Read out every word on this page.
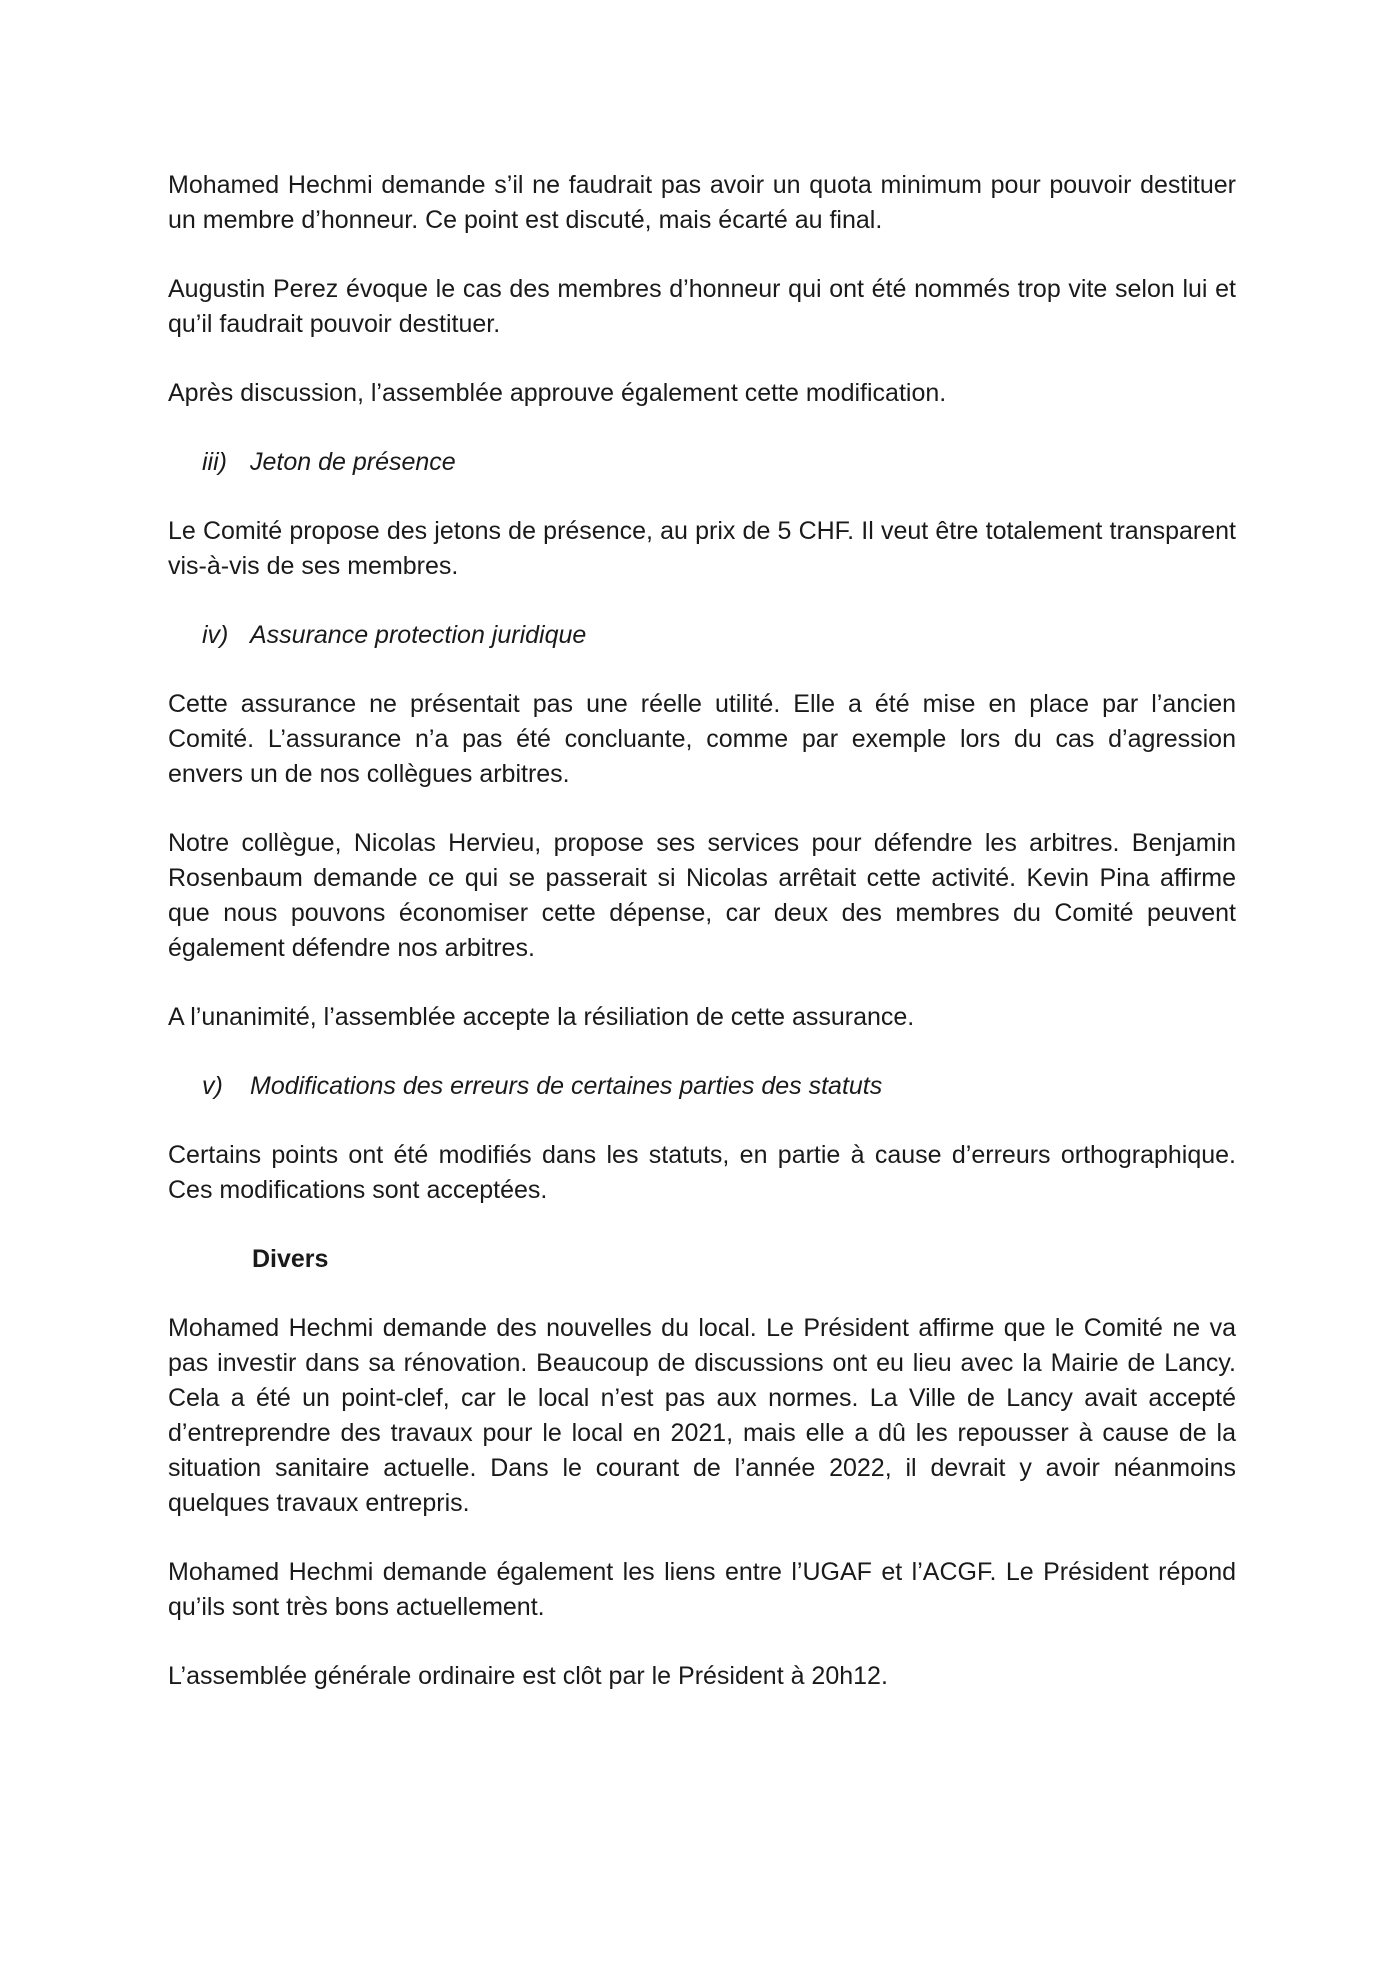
Mohamed Hechmi demande s’il ne faudrait pas avoir un quota minimum pour pouvoir destituer un membre d’honneur. Ce point est discuté, mais écarté au final.

Augustin Perez évoque le cas des membres d’honneur qui ont été nommés trop vite selon lui et qu’il faudrait pouvoir destituer.

Après discussion, l’assemblée approuve également cette modification.

iii) Jeton de présence

Le Comité propose des jetons de présence, au prix de 5 CHF. Il veut être totalement transparent vis-à-vis de ses membres.

iv) Assurance protection juridique

Cette assurance ne présentait pas une réelle utilité. Elle a été mise en place par l’ancien Comité. L’assurance n’a pas été concluante, comme par exemple lors du cas d’agression envers un de nos collègues arbitres.

Notre collègue, Nicolas Hervieu, propose ses services pour défendre les arbitres. Benjamin Rosenbaum demande ce qui se passerait si Nicolas arrêtait cette activité. Kevin Pina affirme que nous pouvons économiser cette dépense, car deux des membres du Comité peuvent également défendre nos arbitres.

A l’unanimité, l’assemblée accepte la résiliation de cette assurance.

v)	Modifications des erreurs de certaines parties des statuts

Certains points ont été modifiés dans les statuts, en partie à cause d’erreurs orthographique. Ces modifications sont acceptées.

Divers

Mohamed Hechmi demande des nouvelles du local. Le Président affirme que le Comité ne va pas investir dans sa rénovation. Beaucoup de discussions ont eu lieu avec la Mairie de Lancy. Cela a été un point-clef, car le local n’est pas aux normes. La Ville de Lancy avait accepté d’entreprendre des travaux pour le local en 2021, mais elle a dû les repousser à cause de la situation sanitaire actuelle. Dans le courant de l’année 2022, il devrait y avoir néanmoins quelques travaux entrepris.

Mohamed Hechmi demande également les liens entre l’UGAF et l’ACGF. Le Président répond qu’ils sont très bons actuellement.

L’assemblée générale ordinaire est clôt par le Président à 20h12.
